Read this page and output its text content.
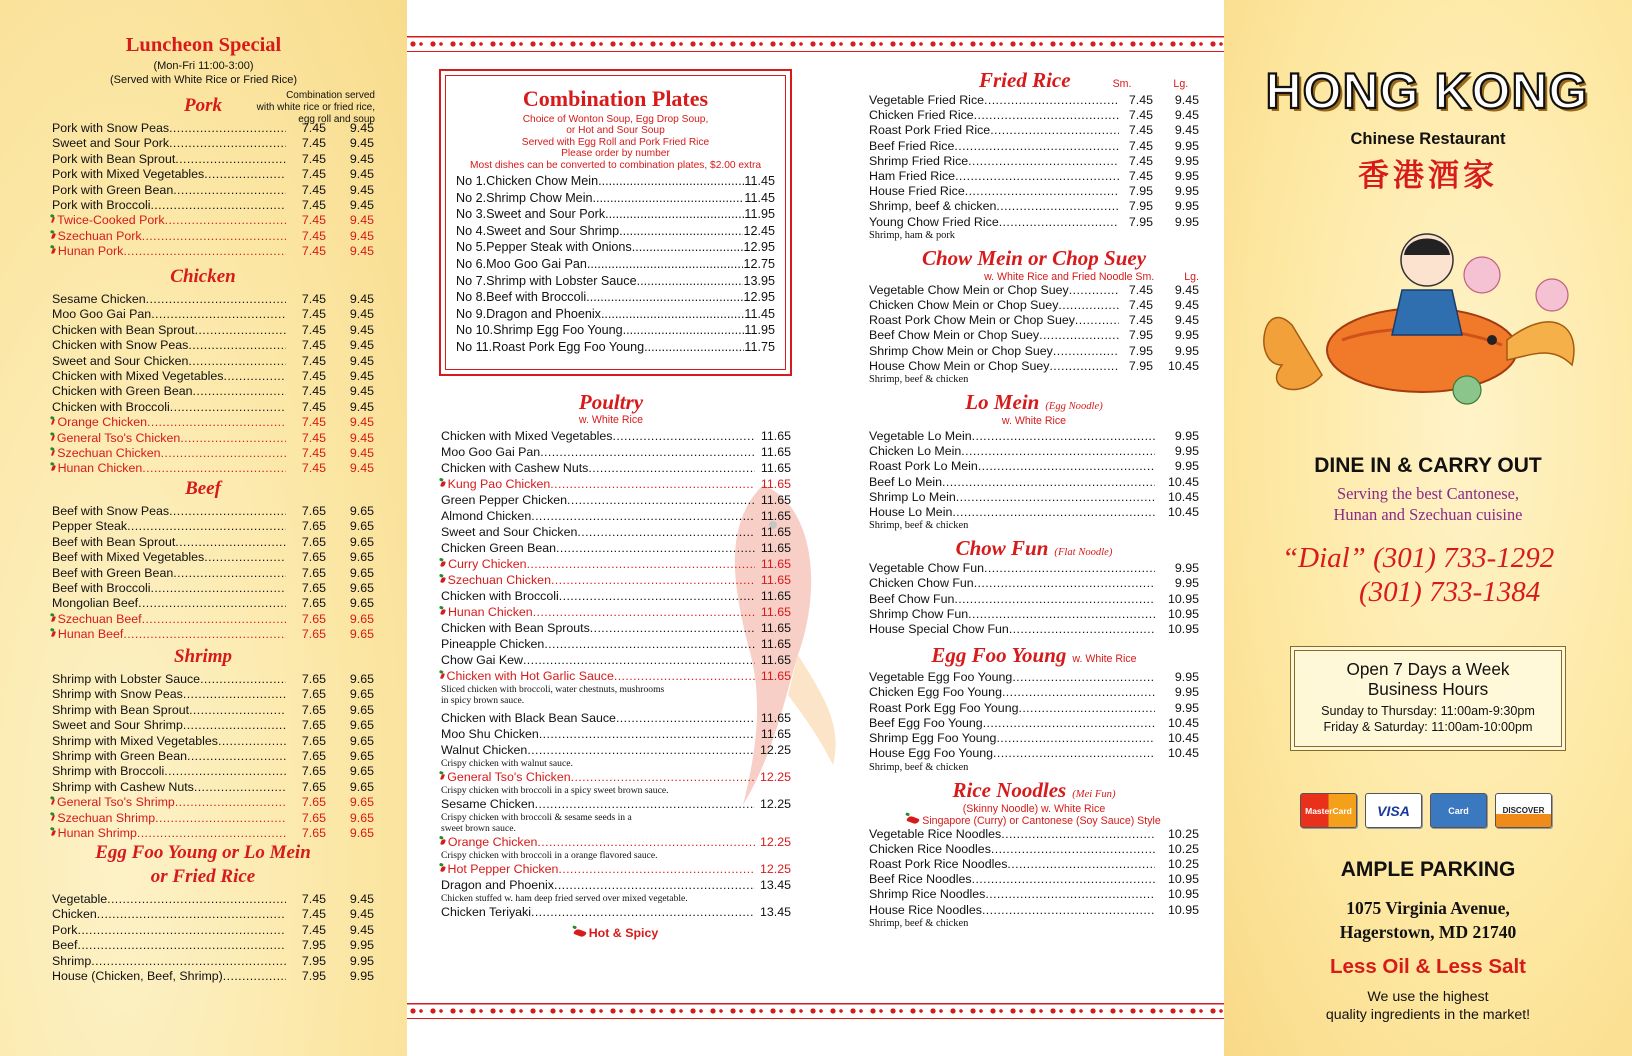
Luncheon Special
(Mon-Fri 11:00-3:00)
(Served with White Rice or Fried Rice)
Combination served
with white rice or fried rice,
egg roll and soup
Pork
Pork with Snow Peas .....	7.45	9.45
Sweet and Sour Pork .....	7.45	9.45
Pork with Bean Sprout .....	7.45	9.45
Pork with Mixed Vegetables .....	7.45	9.45
Pork with Green Bean .....	7.45	9.45
Pork with Broccoli .....	7.45	9.45
Twice-Cooked Pork .....	7.45	9.45
Szechuan Pork .....	7.45	9.45
Hunan Pork .....	7.45	9.45
Chicken
Sesame Chicken .....	7.45	9.45
Moo Goo Gai Pan .....	7.45	9.45
Chicken with Bean Sprout .....	7.45	9.45
Chicken with Snow Peas .....	7.45	9.45
Sweet and Sour Chicken .....	7.45	9.45
Chicken with Mixed Vegetables .....	7.45	9.45
Chicken with Green Bean .....	7.45	9.45
Chicken with Broccoli .....	7.45	9.45
Orange Chicken .....	7.45	9.45
General Tso's Chicken .....	7.45	9.45
Szechuan Chicken .....	7.45	9.45
Hunan Chicken .....	7.45	9.45
Beef
Beef with Snow Peas .....	7.65	9.65
Pepper Steak .....	7.65	9.65
Beef with Bean Sprout .....	7.65	9.65
Beef with Mixed Vegetables .....	7.65	9.65
Beef with Green Bean .....	7.65	9.65
Beef with Broccoli .....	7.65	9.65
Mongolian Beef .....	7.65	9.65
Szechuan Beef .....	7.65	9.65
Hunan Beef .....	7.65	9.65
Shrimp
Shrimp with Lobster Sauce .....	7.65	9.65
Shrimp with Snow Peas .....	7.65	9.65
Shrimp with Bean Sprout .....	7.65	9.65
Sweet and Sour Shrimp .....	7.65	9.65
Shrimp with Mixed Vegetables .....	7.65	9.65
Shrimp with Green Bean .....	7.65	9.65
Shrimp with Broccoli .....	7.65	9.65
Shrimp with Cashew Nuts .....	7.65	9.65
General Tso's Shrimp .....	7.65	9.65
Szechuan Shrimp .....	7.65	9.65
Hunan Shrimp .....	7.65	9.65
Egg Foo Young or Lo Mein
or Fried Rice
Vegetable .....	7.45	9.45
Chicken .....	7.45	9.45
Pork .....	7.45	9.45
Beef .....	7.95	9.95
Shrimp .....	7.95	9.95
House (Chicken, Beef, Shrimp) .....	7.95	9.95
Combination Plates
Choice of Wonton Soup, Egg Drop Soup,
or Hot and Sour Soup
Served with Egg Roll and Pork Fried Rice
Please order by number
Most dishes can be converted to combination plates, $2.00 extra
No 1. Chicken Chow Mein .....	11.45
No 2. Shrimp Chow Mein .....	11.45
No 3. Sweet and Sour Pork .....	11.95
No 4. Sweet and Sour Shrimp .....	12.45
No 5. Pepper Steak with Onions .....	12.95
No 6. Moo Goo Gai Pan .....	12.75
No 7. Shrimp with Lobster Sauce .....	13.95
No 8. Beef with Broccoli .....	12.95
No 9. Dragon and Phoenix .....	11.45
No 10. Shrimp Egg Foo Young .....	11.95
No 11. Roast Pork Egg Foo Young .....	11.75
Poultry
w. White Rice
Chicken with Mixed Vegetables .....	11.65
Moo Goo Gai Pan .....	11.65
Chicken with Cashew Nuts .....	11.65
Kung Pao Chicken .....	11.65
Green Pepper Chicken .....	11.65
Almond Chicken .....	11.65
Sweet and Sour Chicken .....	11.65
Chicken Green Bean .....	11.65
Curry Chicken .....	11.65
Szechuan Chicken .....	11.65
Chicken with Broccoli .....	11.65
Hunan Chicken .....	11.65
Chicken with Bean Sprouts .....	11.65
Pineapple Chicken .....	11.65
Chow Gai Kew .....	11.65
Chicken with Hot Garlic Sauce .....	11.65
Sliced chicken with broccoli, water chestnuts, mushrooms
in spicy brown sauce.
Chicken with Black Bean Sauce .....	11.65
Moo Shu Chicken .....	11.65
Walnut Chicken .....	12.25
Crispy chicken with walnut sauce.
General Tso's Chicken .....	12.25
Crispy chicken with broccoli in a spicy sweet brown sauce.
Sesame Chicken .....	12.25
Crispy chicken with broccoli & sesame seeds in a
sweet brown sauce.
Orange Chicken .....	12.25
Crispy chicken with broccoli in a orange flavored sauce.
Hot Pepper Chicken .....	12.25
Dragon and Phoenix .....	13.45
Chicken stuffed w. ham deep fried served over mixed vegetable.
Chicken Teriyaki .....	13.45
Hot & Spicy
Fried Rice	Sm.	Lg.
Vegetable Fried Rice .....	7.45	9.45
Chicken Fried Rice .....	7.45	9.45
Roast Pork Fried Rice .....	7.45	9.45
Beef Fried Rice .....	7.45	9.95
Shrimp Fried Rice .....	7.45	9.95
Ham Fried Rice .....	7.45	9.95
House Fried Rice .....	7.95	9.95
Shrimp, beef & chicken .....	7.95	9.95
Young Chow Fried Rice .....	7.95	9.95
Shrimp, ham & pork
Chow Mein or Chop Suey
w. White Rice and Fried Noodle Sm.	Lg.
Vegetable Chow Mein or Chop Suey .....	7.45	9.45
Chicken Chow Mein or Chop Suey .....	7.45	9.45
Roast Pork Chow Mein or Chop Suey .....	7.45	9.45
Beef Chow Mein or Chop Suey .....	7.95	9.95
Shrimp Chow Mein or Chop Suey .....	7.95	9.95
House Chow Mein or Chop Suey .....	7.95	10.45
Shrimp, beef & chicken
Lo Mein (Egg Noodle)
w. White Rice
Vegetable Lo Mein .....	9.95
Chicken Lo Mein .....	9.95
Roast Pork Lo Mein .....	9.95
Beef Lo Mein .....	10.45
Shrimp Lo Mein .....	10.45
House Lo Mein .....	10.45
Shrimp, beef & chicken
Chow Fun (Flat Noodle)
Vegetable Chow Fun .....	9.95
Chicken Chow Fun .....	9.95
Beef Chow Fun .....	10.95
Shrimp Chow Fun .....	10.95
House Special Chow Fun .....	10.95
Egg Foo Young w. White Rice
Vegetable Egg Foo Young .....	9.95
Chicken Egg Foo Young .....	9.95
Roast Pork Egg Foo Young .....	9.95
Beef Egg Foo Young .....	10.45
Shrimp Egg Foo Young .....	10.45
House Egg Foo Young .....	10.45
Shrimp, beef & chicken
Rice Noodles (Mei Fun)
(Skinny Noodle) w. White Rice
Singapore (Curry) or Cantonese (Soy Sauce) Style
Vegetable Rice Noodles .....	10.25
Chicken Rice Noodles .....	10.25
Roast Pork Rice Noodles .....	10.25
Beef Rice Noodles .....	10.95
Shrimp Rice Noodles .....	10.95
House Rice Noodles .....	10.95
Shrimp, beef & chicken
HONG KONG
Chinese Restaurant
香港酒家
DINE IN & CARRY OUT
Serving the best Cantonese,
Hunan and Szechuan cuisine
“Dial” (301) 733-1292
(301) 733-1384
Open 7 Days a Week
Business Hours
Sunday to Thursday: 11:00am-9:30pm
Friday & Saturday: 11:00am-10:00pm
MasterCard	VISA	Card	DISCOVER
AMPLE PARKING
1075 Virginia Avenue,
Hagerstown, MD 21740
Less Oil & Less Salt
We use the highest
quality ingredients in the market!
